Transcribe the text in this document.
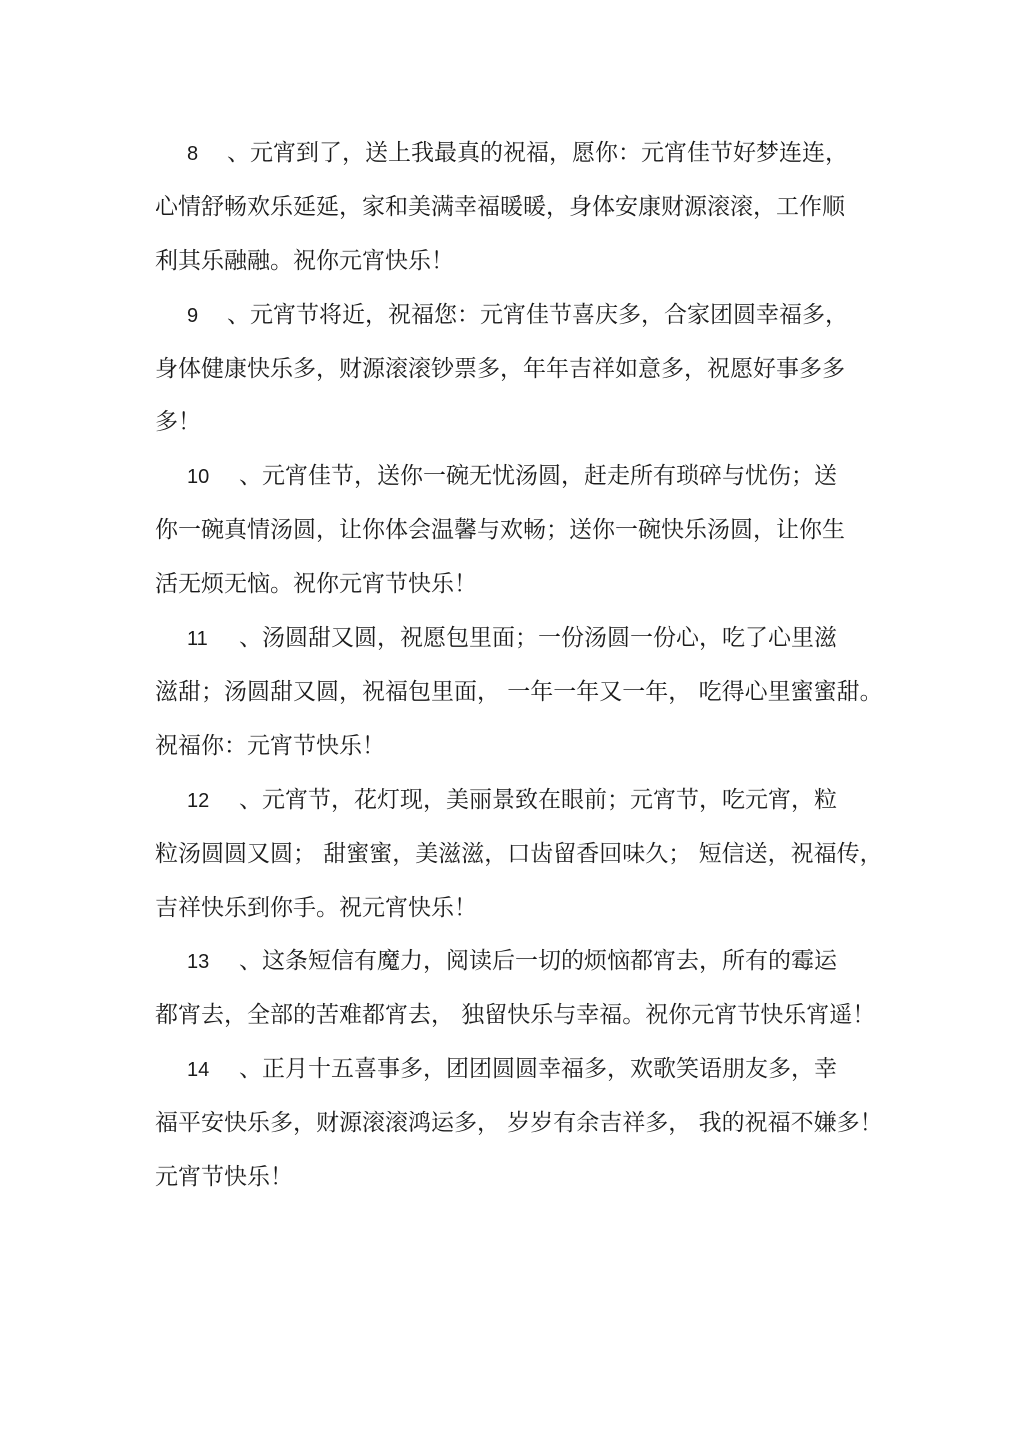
8 、元宵到了，送上我最真的祝福，愿你：元宵佳节好梦连连，
心情舒畅欢乐延延，家和美满幸福暖暖，身体安康财源滚滚，工作顺
利其乐融融。祝你元宵快乐！
9 、元宵节将近，祝福您：元宵佳节喜庆多，合家团圆幸福多，
身体健康快乐多，财源滚滚钞票多，年年吉祥如意多，祝愿好事多多
多！
10 、元宵佳节，送你一碗无忧汤圆，赶走所有琐碎与忧伤；送
你一碗真情汤圆，让你体会温馨与欢畅；送你一碗快乐汤圆，让你生
活无烦无恼。祝你元宵节快乐！
11 、汤圆甜又圆，祝愿包里面；一份汤圆一份心，吃了心里滋
滋甜；汤圆甜又圆，祝福包里面， 一年一年又一年， 吃得心里蜜蜜甜。
祝福你：元宵节快乐！
12 、元宵节，花灯现，美丽景致在眼前；元宵节，吃元宵，粒
粒汤圆圆又圆； 甜蜜蜜，美滋滋，口齿留香回味久； 短信送，祝福传，
吉祥快乐到你手。祝元宵快乐！
13 、这条短信有魔力，阅读后一切的烦恼都宵去，所有的霉运
都宵去，全部的苦难都宵去， 独留快乐与幸福。祝你元宵节快乐宵遥！
14 、正月十五喜事多，团团圆圆幸福多，欢歌笑语朋友多，幸
福平安快乐多，财源滚滚鸿运多， 岁岁有余吉祥多， 我的祝福不嫌多！
元宵节快乐！
